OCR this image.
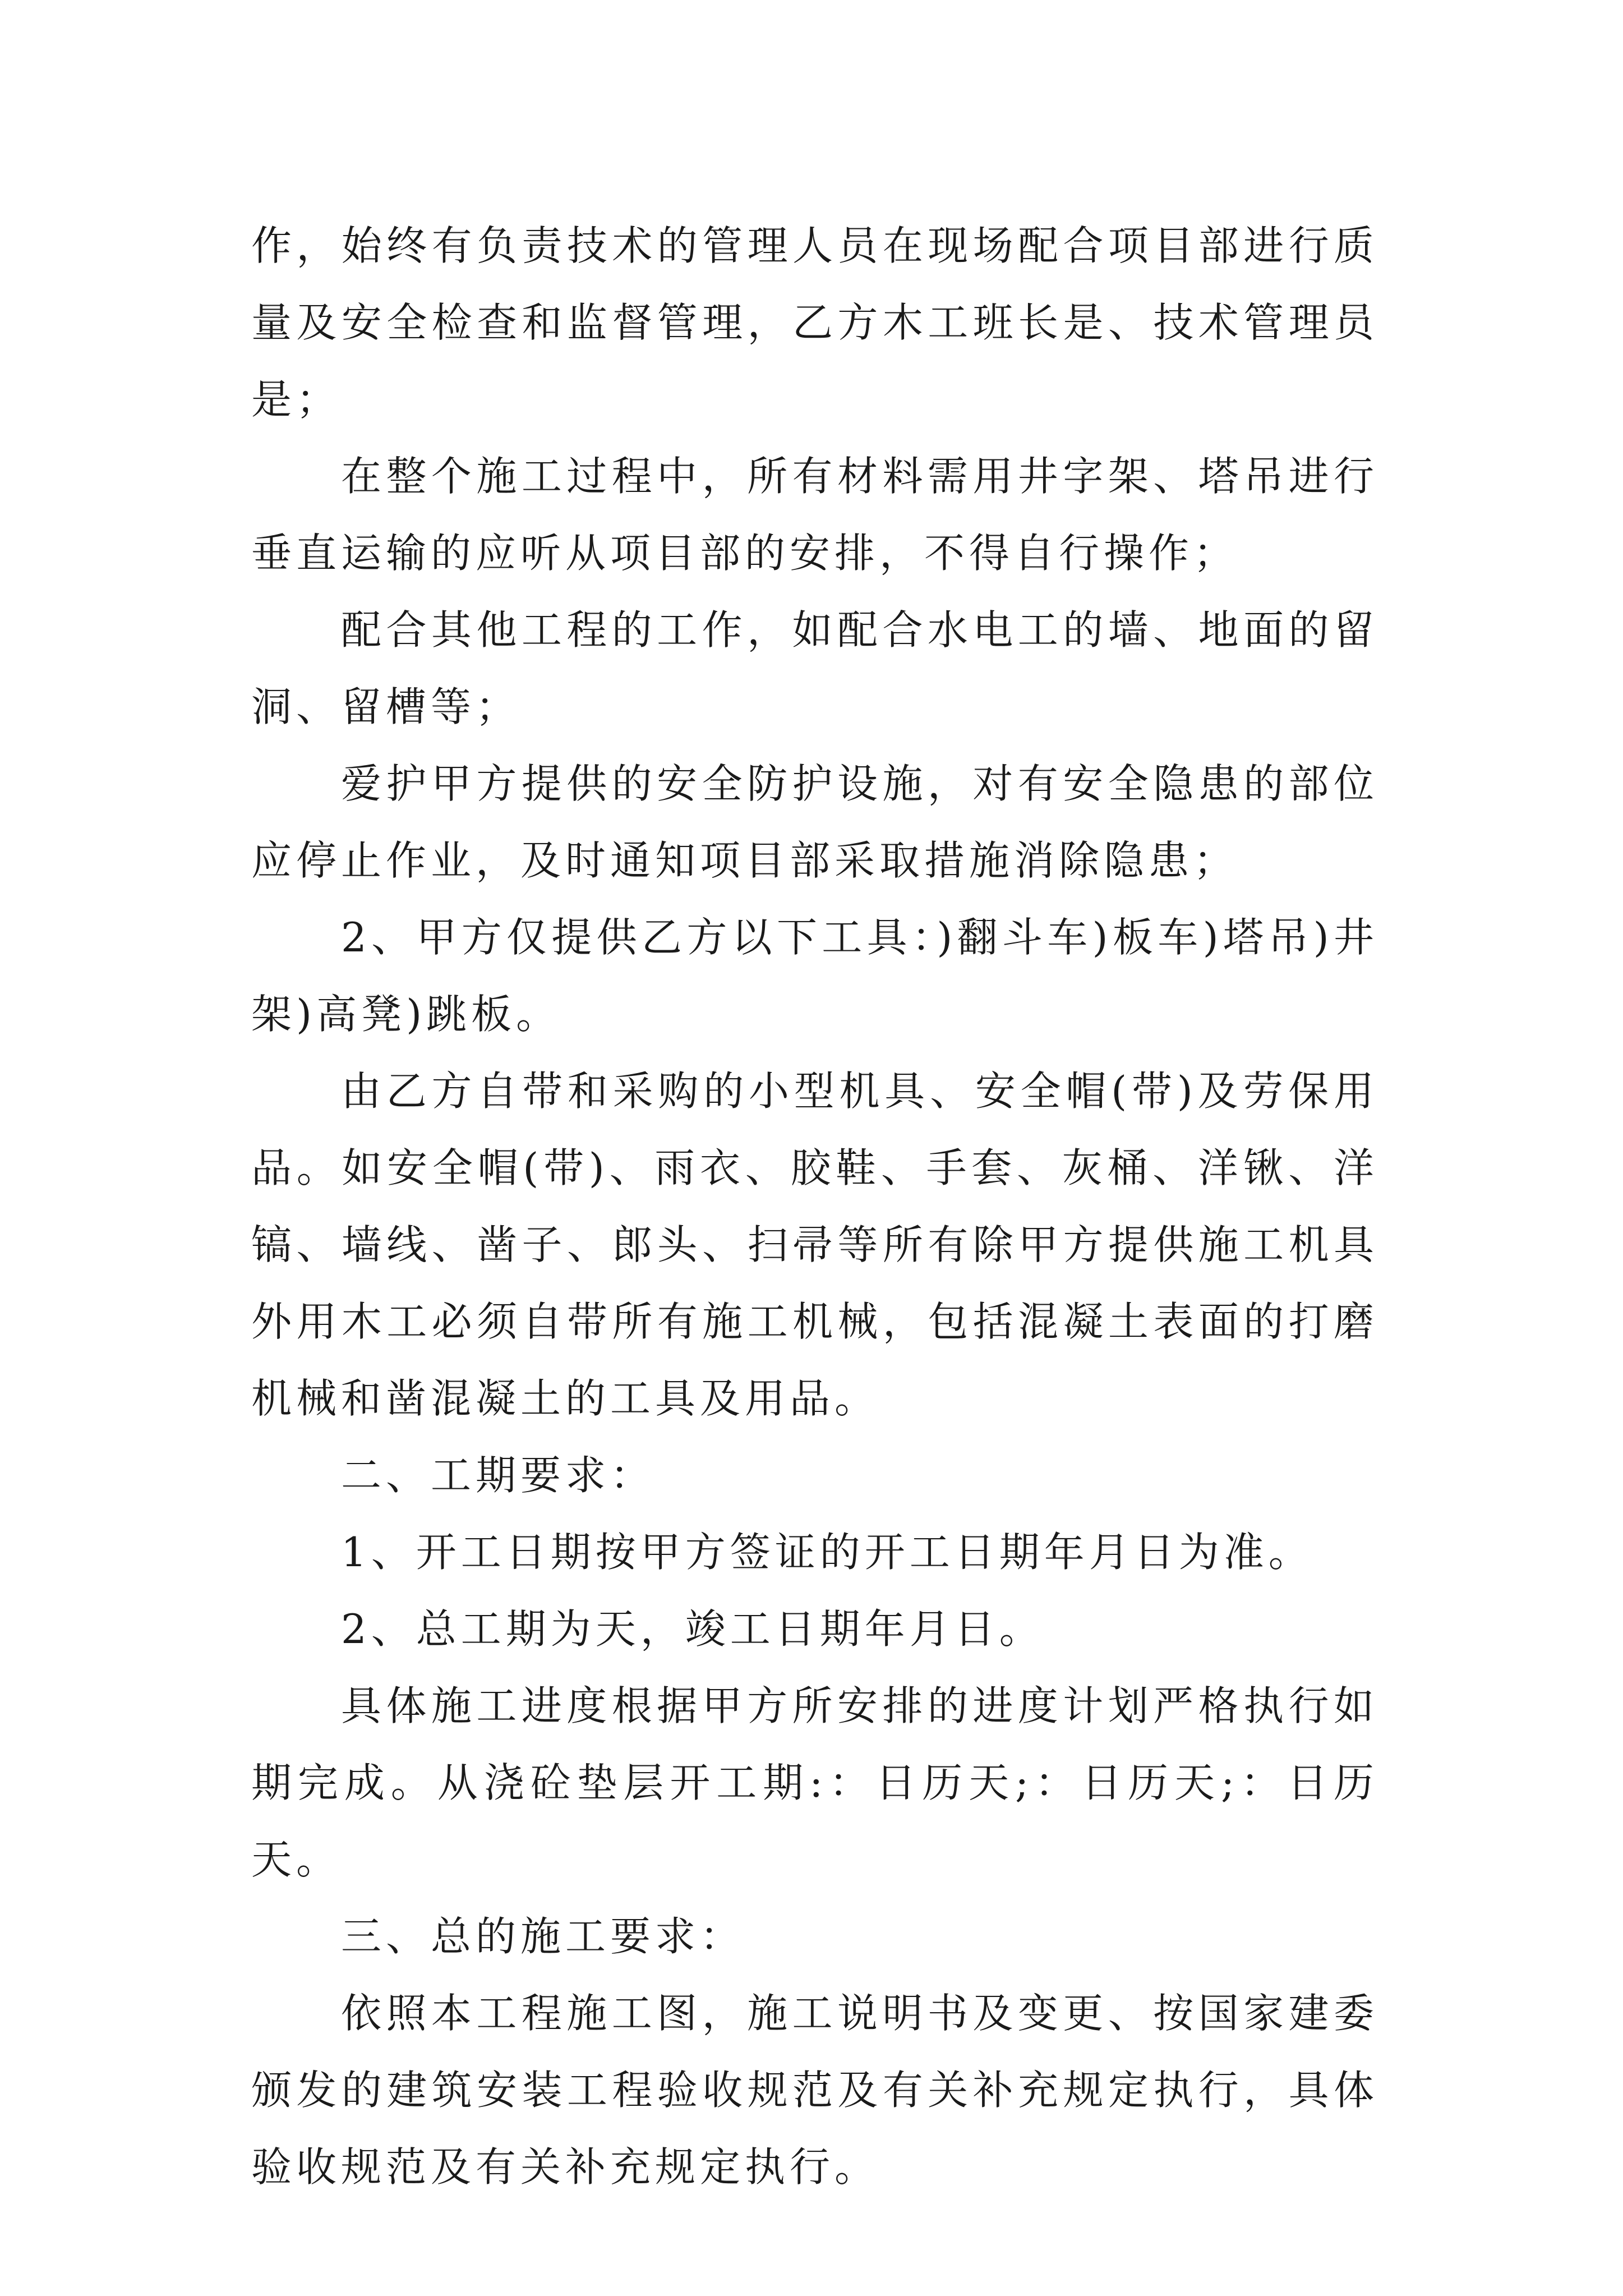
作，始终有负责技术的管理人员在现场配合项目部进行质量及安全检查和监督管理，乙方木工班长是、技术管理员是；

在整个施工过程中，所有材料需用井字架、塔吊进行垂直运输的应听从项目部的安排，不得自行操作；

配合其他工程的工作，如配合水电工的墙、地面的留洞、留槽等；

爱护甲方提供的安全防护设施，对有安全隐患的部位应停止作业，及时通知项目部采取措施消除隐患；

2、甲方仅提供乙方以下工具：)翻斗车)板车)塔吊)井架)高凳)跳板。

由乙方自带和采购的小型机具、安全帽(带)及劳保用品。如安全帽(带)、雨衣、胶鞋、手套、灰桶、洋锹、洋镐、墙线、凿子、郎头、扫帚等所有除甲方提供施工机具外用木工必须自带所有施工机械，包括混凝土表面的打磨机械和凿混凝土的工具及用品。

二、工期要求：

1、开工日期按甲方签证的开工日期年月日为准。

2、总工期为天，竣工日期年月日。

具体施工进度根据甲方所安排的进度计划严格执行如期完成。从浇砼垫层开工期:：日历天;：日历天;：日历天。

三、总的施工要求：

依照本工程施工图，施工说明书及变更、按国家建委颁发的建筑安装工程验收规范及有关补充规定执行，具体验收规范及有关补充规定执行。
